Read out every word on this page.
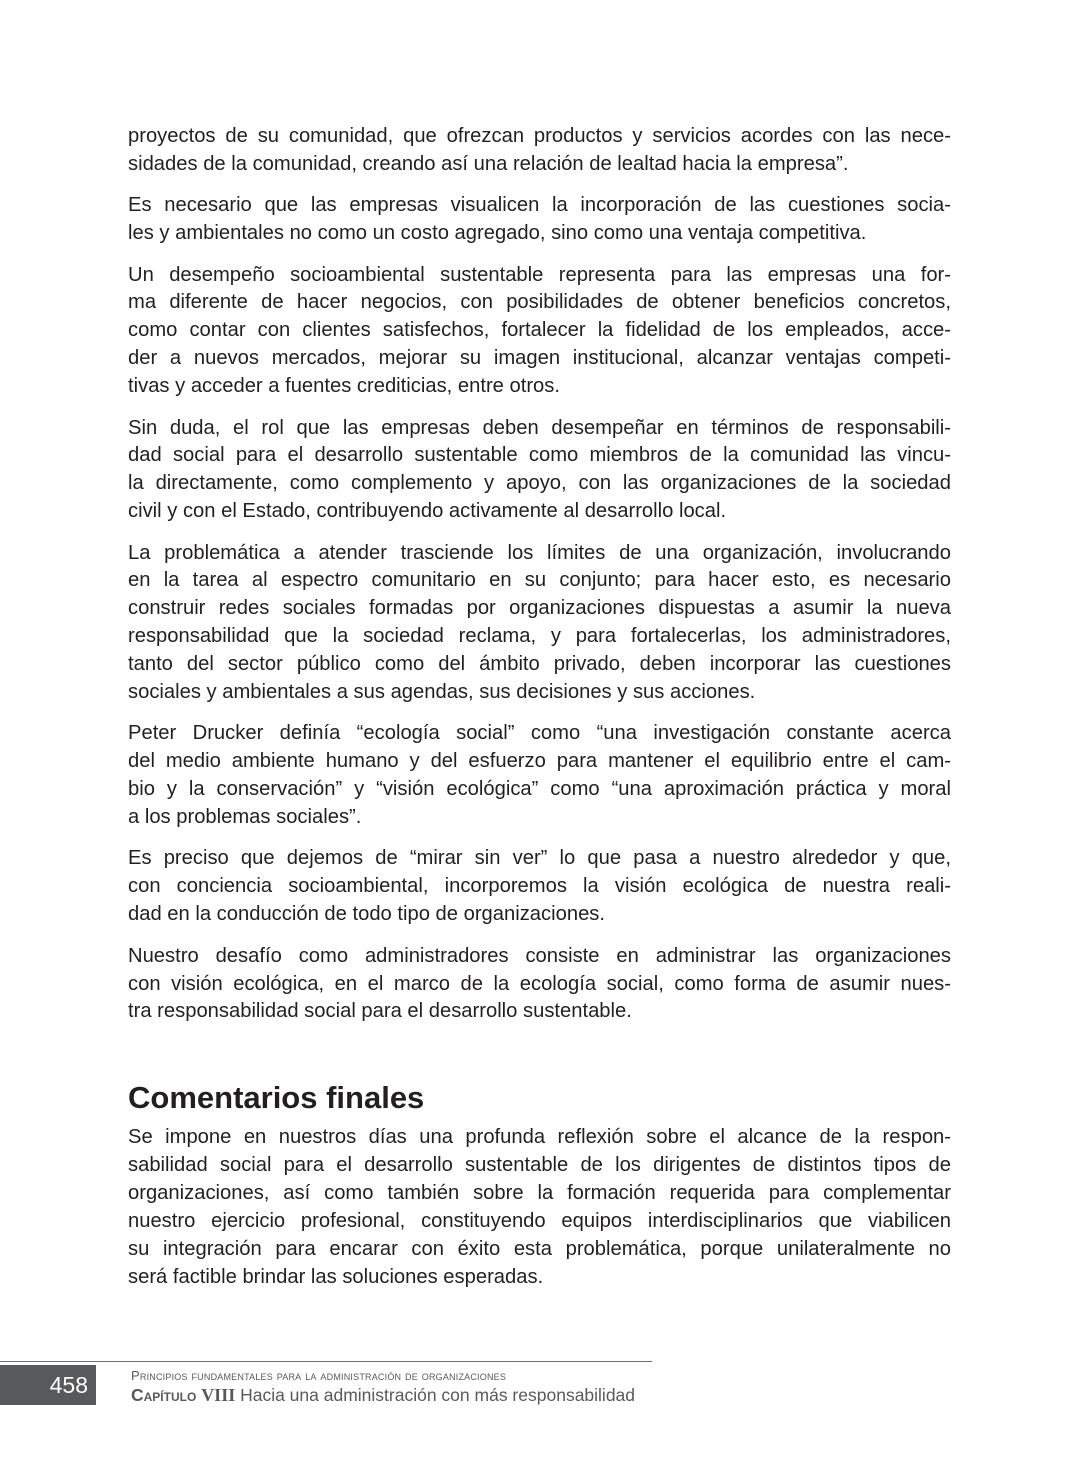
proyectos de su comunidad, que ofrezcan productos y servicios acordes con las nece-
sidades de la comunidad, creando así una relación de lealtad hacia la empresa”.
Es necesario que las empresas visualicen la incorporación de las cuestiones socia-
les y ambientales no como un costo agregado, sino como una ventaja competitiva.
Un desempeño socioambiental sustentable representa para las empresas una for-
ma diferente de hacer negocios, con posibilidades de obtener beneficios concretos,
como contar con clientes satisfechos, fortalecer la fidelidad de los empleados, acce-
der a nuevos mercados, mejorar su imagen institucional, alcanzar ventajas competi-
tivas y acceder a fuentes crediticias, entre otros.
Sin duda, el rol que las empresas deben desempeñar en términos de responsabili-
dad social para el desarrollo sustentable como miembros de la comunidad las vincu-
la directamente, como complemento y apoyo, con las organizaciones de la sociedad
civil y con el Estado, contribuyendo activamente al desarrollo local.
La problemática a atender trasciende los límites de una organización, involucrando
en la tarea al espectro comunitario en su conjunto; para hacer esto, es necesario
construir redes sociales formadas por organizaciones dispuestas a asumir la nueva
responsabilidad que la sociedad reclama, y para fortalecerlas, los administradores,
tanto del sector público como del ámbito privado, deben incorporar las cuestiones
sociales y ambientales a sus agendas, sus decisiones y sus acciones.
Peter Drucker definía “ecología social” como “una investigación constante acerca
del medio ambiente humano y del esfuerzo para mantener el equilibrio entre el cam-
bio y la conservación” y “visión ecológica” como “una aproximación práctica y moral
a los problemas sociales”.
Es preciso que dejemos de “mirar sin ver” lo que pasa a nuestro alrededor y que,
con conciencia socioambiental, incorporemos la visión ecológica de nuestra reali-
dad en la conducción de todo tipo de organizaciones.
Nuestro desafío como administradores consiste en administrar las organizaciones
con visión ecológica, en el marco de la ecología social, como forma de asumir nues-
tra responsabilidad social para el desarrollo sustentable.
Comentarios finales
Se impone en nuestros días una profunda reflexión sobre el alcance de la respon-
sabilidad social para el desarrollo sustentable de los dirigentes de distintos tipos de
organizaciones, así como también sobre la formación requerida para complementar
nuestro ejercicio profesional, constituyendo equipos interdisciplinarios que viabilicen
su integración para encarar con éxito esta problemática, porque unilateralmente no
será factible brindar las soluciones esperadas.
458	Principios fundamentales para la administración de organizaciones
Capítulo VIII Hacia una administración con más responsabilidad
